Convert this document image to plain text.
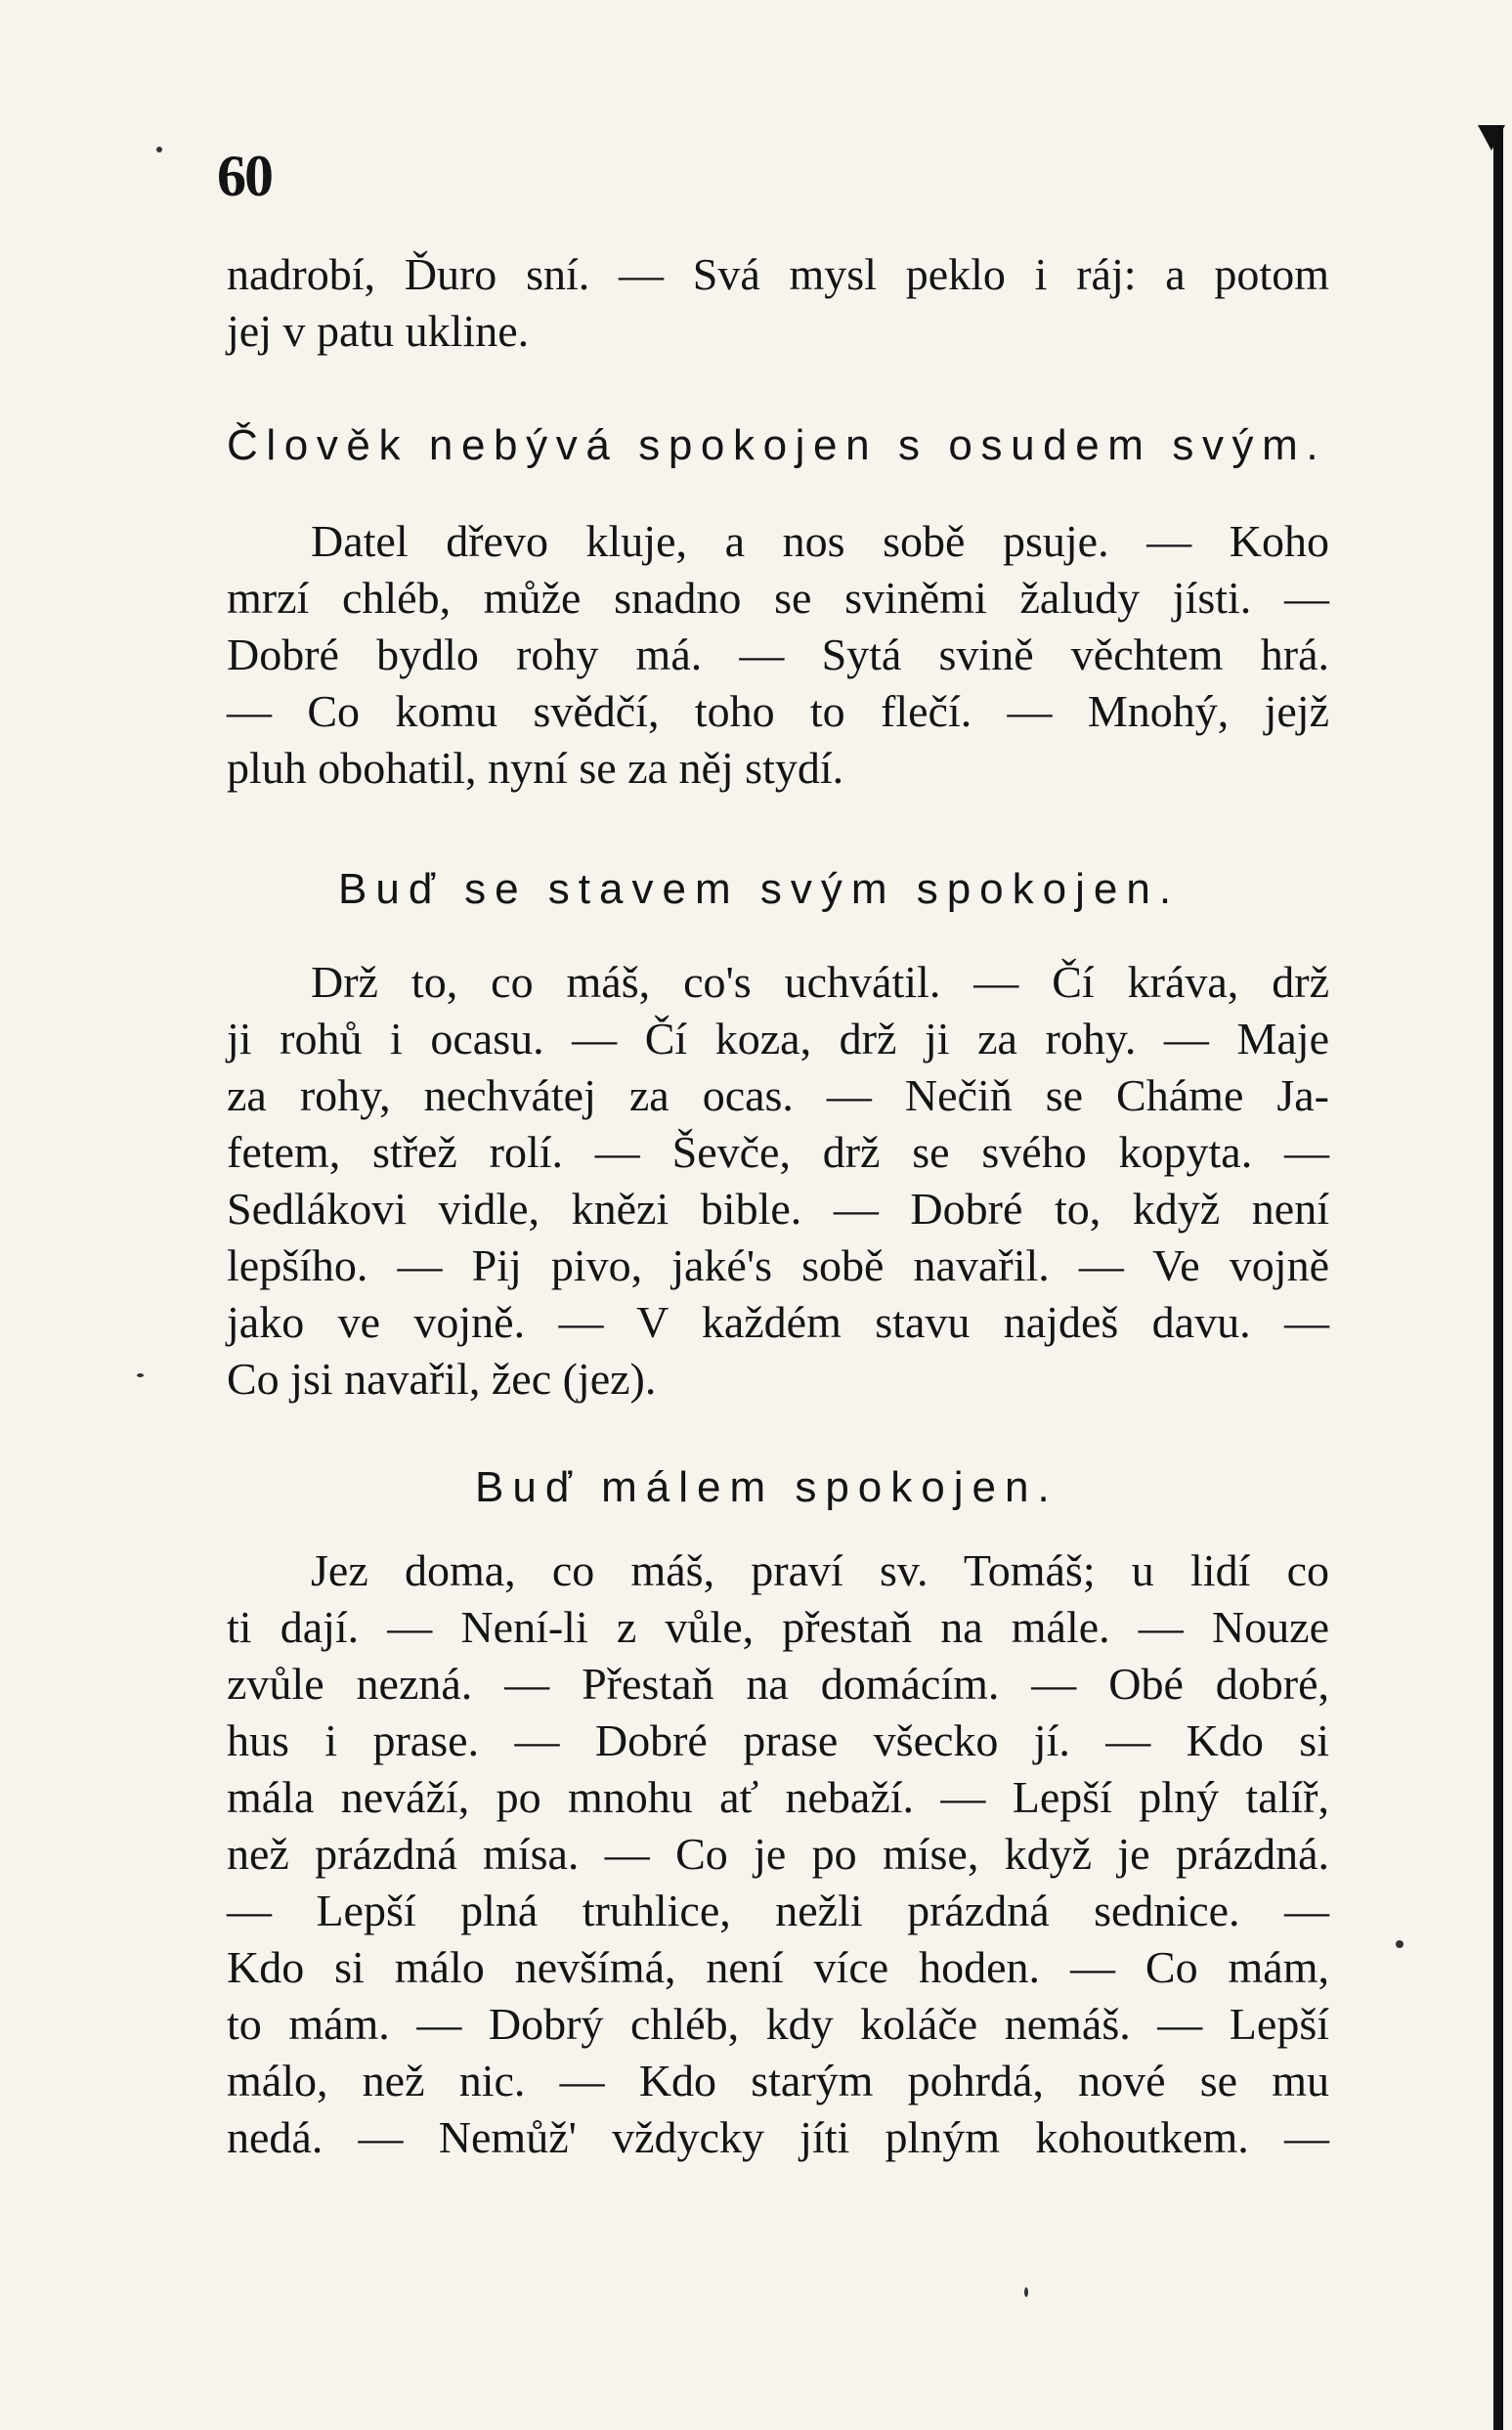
60
nadrobí, Ďuro sní. — Svá mysl peklo i ráj: a potom
jej v patu ukline.
Člověk nebývá spokojen s osudem svým.
Datel dřevo kluje, a nos sobě psuje. — Koho
mrzí chléb, může snadno se sviněmi žaludy jísti. —
Dobré bydlo rohy má. — Sytá svině věchtem hrá.
— Co komu svědčí, toho to flečí. — Mnohý, jejž
pluh obohatil, nyní se za něj stydí.
Buď se stavem svým spokojen.
Drž to, co máš, co's uchvátil. — Čí kráva, drž
ji rohů i ocasu. — Čí koza, drž ji za rohy. — Maje
za rohy, nechvátej za ocas. — Nečiň se Cháme Ja-
fetem, střež rolí. — Ševče, drž se svého kopyta. —
Sedlákovi vidle, knězi bible. — Dobré to, když není
lepšího. — Pij pivo, jaké's sobě navařil. — Ve vojně
jako ve vojně. — V každém stavu najdeš davu. —
Co jsi navařil, žec (jez).
Buď málem spokojen.
Jez doma, co máš, praví sv. Tomáš; u lidí co
ti dají. — Není-li z vůle, přestaň na mále. — Nouze
zvůle nezná. — Přestaň na domácím. — Obé dobré,
hus i prase. — Dobré prase všecko jí. — Kdo si
mála neváží, po mnohu ať nebaží. — Lepší plný talíř,
než prázdná mísa. — Co je po míse, když je prázdná.
— Lepší plná truhlice, nežli prázdná sednice. —
Kdo si málo nevšímá, není více hoden. — Co mám,
to mám. — Dobrý chléb, kdy koláče nemáš. — Lepší
málo, než nic. — Kdo starým pohrdá, nové se mu
nedá. — Nemůž' vždycky jíti plným kohoutkem. —
